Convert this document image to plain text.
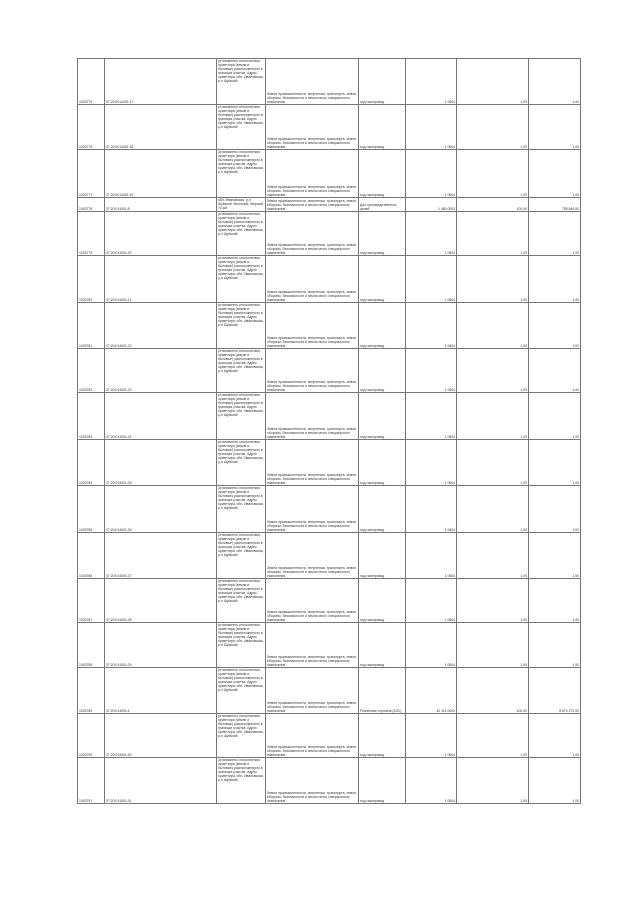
1003775	57:20:0014001:17	установлено относительно ориентира (земли и бытовые) расположенного в границах участка. Адрес ориентира: обл. Ивановская, р-н Шуйский	Земли промышленности, энергетики, транспорта, земли обороны, безопасности и земли иного специального назначения	под газопровод	1 0604	1,00	1,00
1003776	57:20:0014001:18	установлено относительно ориентира (земли и бытовые) расположенного в границах участка. Адрес ориентира: обл. Ивановская, р-н Шуйский	Земли промышленности, энергетики, транспорта, земли обороны, безопасности и земли иного специального назначения	под газопровод	1 0604	1,00	1,00
1003777	37:20:0014001:19	установлено относительно ориентира (земли и бытовые) расположенного в границах участка. Адрес ориентира: обл. Ивановская, р-н Шуйский	Земли промышленности, энергетики, транспорта, земли обороны, безопасности и земли иного специального назначения	под газопровод	1 0604	1,00	1,00
1003778	37:20:014001:8	обл. Ивановская, р-н Шуйский, Милючий, Мирный 70-ый	Земли промышленности, энергетики, транспорта, земли обороны, безопасности и земли иного специального назначения	Для производственных целей	1 480 0003	100,00	755 846,00
1003779	37:20:014001:20	установлено относительно ориентира (земли и бытовые) расположенного в границах участка. Адрес ориентира: обл. Ивановская, р-н Шуйский	Земли промышленности, энергетики, транспорта, земли обороны, безопасности и земли иного специального назначения	под газопровод	1 0604	1,00	1,00
1003780	37:20:014001:21	установлено относительно ориентира (земли и бытовые) расположенного в границах участка. Адрес ориентира: обл. Ивановская, р-н Шуйский	Земли промышленности, энергетики, транспорта, земли обороны, безопасности и земли иного специального назначения	под газопровод	1 0604	1,00	1,00
1003781	37:20:014001:22	установлено относительно ориентира (земли и бытовые) расположенного в границах участка. Адрес ориентира: обл. Ивановская, р-н Шуйский	Земли промышленности, энергетики, транспорта, земли обороны, безопасности и земли иного специального назначения	под газопровод	1 0604	1,00	1,00
1003782	37:20:014001:23	установлено относительно ориентира (земли и бытовые) расположенного в границах участка. Адрес ориентира: обл. Ивановская, р-н Шуйский	Земли промышленности, энергетики, транспорта, земли обороны, безопасности и земли иного специального назначения	под газопровод	1 0604	1,00	1,00
1003783	37:20:014001:24	установлено относительно ориентира (земли и бытовые) расположенного в границах участка. Адрес ориентира: обл. Ивановская, р-н Шуйский	Земли промышленности, энергетики, транспорта, земли обороны, безопасности и земли иного специального назначения	под газопровод	1 0604	1,00	1,00
1003784	37:20:014001:25	установлено относительно ориентира (земли и бытовые) расположенного в границах участка. Адрес ориентира: обл. Ивановская, р-н Шуйский	Земли промышленности, энергетики, транспорта, земли обороны, безопасности и земли иного специального назначения	под газопровод	1 0604	1,00	1,00
1003785	37:20:014001:26	установлено относительно ориентира (земли и бытовые) расположенного в границах участка. Адрес ориентира: обл. Ивановская, р-н Шуйский	Земли промышленности, энергетики, транспорта, земли обороны, безопасности и земли иного специального назначения	под газопровод	1 0604	1,00	1,00
1003786	37:20:014001:27	установлено относительно ориентира (земли и бытовые) расположенного в границах участка. Адрес ориентира: обл. Ивановская, р-н Шуйский	Земли промышленности, энергетики, транспорта, земли обороны, безопасности и земли иного специального назначения	под газопровод	1 0604	1,00	1,00
1003787	37:20:014001:28	установлено относительно ориентира (земли и бытовые) расположенного в границах участка. Адрес ориентира: обл. Ивановская, р-н Шуйский	Земли промышленности, энергетики, транспорта, земли обороны, безопасности и земли иного специального назначения	под газопровод	1 0604	1,00	1,00
1003788	37:20:014001:29	установлено относительно ориентира (земли и бытовые) расположенного в границах участка. Адрес ориентира: обл. Ивановская, р-н Шуйский	Земли промышленности, энергетики, транспорта, земли обороны, безопасности и земли иного специального назначения	под газопровод	1 0604	1,00	1,00
1003789	37:20:014001:4	установлено относительно ориентира (земли и бытовые) расположенного в границах участка. Адрес ориентира: обл. Ивановская, р-н Шуйский	Земли промышленности, энергетики, транспорта, земли обороны, безопасности и земли иного специального назначения	Розничная торговля (АЗС)	40 114 0003	100,00	8 674 272,00
1003790	37:20:014001:30	установлено относительно ориентира (земли и бытовые) расположенного в границах участка. Адрес ориентира: обл. Ивановская, р-н Шуйский	Земли промышленности, энергетики, транспорта, земли обороны, безопасности и земли иного специального назначения	под газопровод	1 0604	1,00	1,00
1003791	37:20:014001:31	установлено относительно ориентира (земли и бытовые) расположенного в границах участка. Адрес ориентира: обл. Ивановская, р-н Шуйский	Земли промышленности, энергетики, транспорта, земли обороны, безопасности и земли иного специального назначения	под газопровод	1 0604	1,00	1,00
